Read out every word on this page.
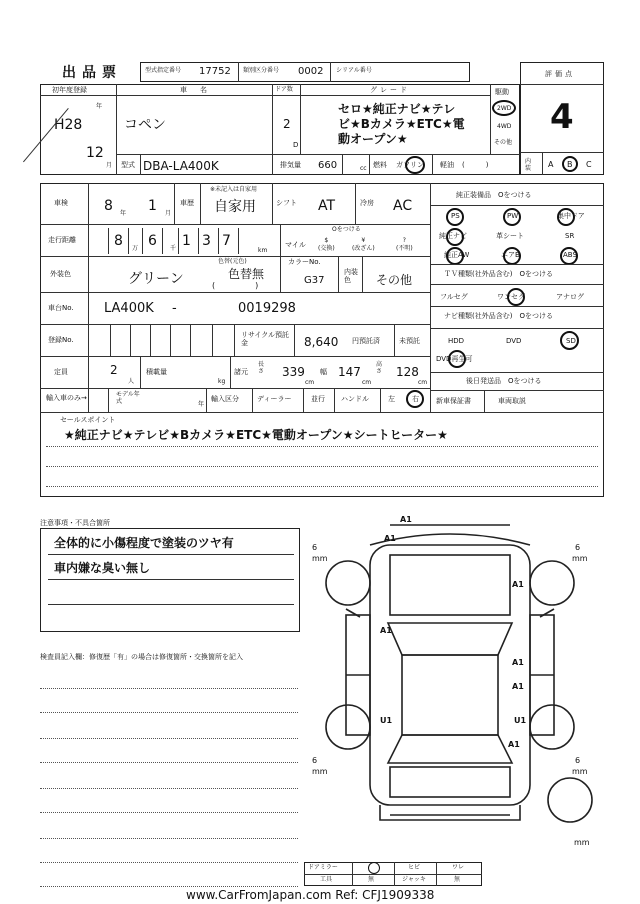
出品票	型式指定番号 17752 類別区分番号 0002 シリアル番号	評価点
4
初年度登録
年
H28
12
月
車　名
コペン
ドア数
2
D
グレード
セロ★純正ナビ★テレ
ビ★Bカメラ★ETC★電
動オープン★
駆動
2WD
4WD
その他
型式 DBA-LA400K	排気量 660	cc 燃料 ガソリン 軽油 (　　　)	内装 A B C
車検	8 年 1 月
車歴
※未記入は自家用
自家用	シフト AT	冷房 AC
走行距離	8 万 6 千 1 3 7
km
マイル
Oをつける
$
(交換)
¥
(改ざん)
?
(不明)
外装色	グリーン
色替(元色)
色替無
(　　　)
カラーNo.
G37
内装色	その他
車台No. LA400K -	0019298
登録No.
リサイクル預託金	8,640 円預託済	未預託
定員	2
人
積載量
kg
諸元
長さ 339
cm
幅 147
cm
高さ 128
cm
輸入車のみ→	モデル年式	年
輸入区分	ディーラー	並行 ハンドル	左 右
純正装備品　Oをつける
PS	PW	集中ドア
純正ナビ	革シート	SR
純正AW	エアB	ABS
ＴＶ種類(社外品含む)　Oをつける
フルセグ	ワンセグ	アナログ
ナビ種類(社外品含む)　Oをつける
HDD	DVD	SD
DVD再生可
後日発送品　Oをつける
新車保証書	車両取説
セールスポイント
★純正ナビ★テレビ★Bカメラ★ETC★電動オープン★シートヒーター★
注意事項・不具合箇所
全体的に小傷程度で塗装のツヤ有
車内嫌な臭い無し
検査員記入欄：修復歴「有」の場合は修復箇所・交換箇所を記入
6
mm
6
mm
6
mm
6
mm
mm
A1
A1
A1
A1
A1
A1
U1	U1
A1
ドアミラー	ヒビ	ワレ
工具	無	ジャッキ	無
www.CarFromJapan.com Ref: CFJ1909338
